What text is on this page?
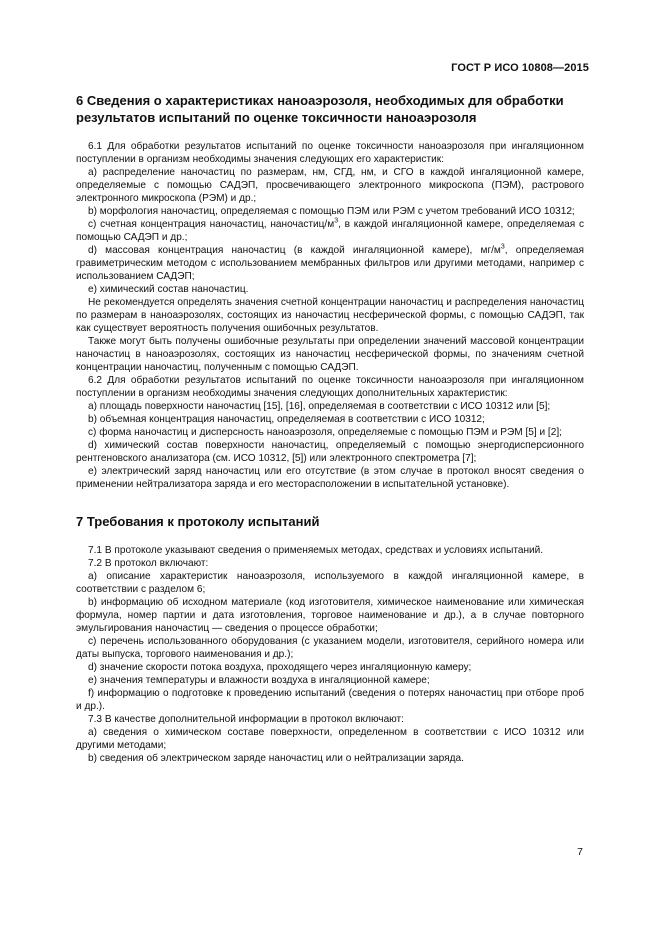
ГОСТ Р ИСО 10808—2015
6 Сведения о характеристиках наноаэрозоля, необходимых для обработки результатов испытаний по оценке токсичности наноаэрозоля

6.1 Для обработки результатов испытаний по оценке токсичности наноаэрозоля при ингаляционном поступлении в организм необходимы значения следующих его характеристик:

а) распределение наночастиц по размерам, нм, СГД, нм, и СГО в каждой ингаляционной камере, определяемые с помощью САДЭП, просвечивающего электронного микроскопа (ПЭМ), растрового электронного микроскопа (РЭМ) и др.;

b) морфология наночастиц, определяемая с помощью ПЭМ или РЭМ с учетом требований ИСО 10312;

с) счетная концентрация наночастиц, наночастиц/$м^3$, в каждой ингаляционной камере, определяемая с помощью САДЭП и др.;

d) массовая концентрация наночастиц (в каждой ингаляционной камере), $мг/м^3$, определяемая гравиметрическим методом с использованием мембранных фильтров или другими методами, например с использованием САДЭП;

е) химический состав наночастиц.

Не рекомендуется определять значения счетной концентрации наночастиц и распределения наночастиц по размерам в наноаэрозолях, состоящих из наночастиц несферической формы, с помощью САДЭП, так как существует вероятность получения ошибочных результатов.

Также могут быть получены ошибочные результаты при определении значений массовой концентрации наночастиц в наноаэрозолях, состоящих из наночастиц несферической формы, по значениям счетной концентрации наночастиц, полученным с помощью САДЭП.

6.2 Для обработки результатов испытаний по оценке токсичности наноаэрозоля при ингаляционном поступлении в организм необходимы значения следующих дополнительных характеристик:

а) площадь поверхности наночастиц [15], [16], определяемая в соответствии с ИСО 10312 или [5];

b) объемная концентрация наночастиц, определяемая в соответствии с ИСО 10312;

с) форма наночастиц и дисперсность наноаэрозоля, определяемые с помощью ПЭМ и РЭМ [5] и [2];

d) химический состав поверхности наночастиц, определяемый с помощью энергодисперсионного рентгеновского анализатора (см. ИСО 10312, [5]) или электронного спектрометра [7];

е) электрический заряд наночастиц или его отсутствие (в этом случае в протокол вносят сведения о применении нейтрализатора заряда и его месторасположении в испытательной установке).

7 Требования к протоколу испытаний

7.1 В протоколе указывают сведения о применяемых методах, средствах и условиях испытаний.

7.2 В протокол включают:

а) описание характеристик наноаэрозоля, используемого в каждой ингаляционной камере, в соответствии с разделом 6;

b) информацию об исходном материале (код изготовителя, химическое наименование или химическая формула, номер партии и дата изготовления, торговое наименование и др.), а в случае повторного эмульгирования наночастиц — сведения о процессе обработки;

с) перечень использованного оборудования (с указанием модели, изготовителя, серийного номера или даты выпуска, торгового наименования и др.);

d) значение скорости потока воздуха, проходящего через ингаляционную камеру;

е) значения температуры и влажности воздуха в ингаляционной камере;

f) информацию о подготовке к проведению испытаний (сведения о потерях наночастиц при отборе проб и др.).

7.3 В качестве дополнительной информации в протокол включают:

а) сведения о химическом составе поверхности, определенном в соответствии с ИСО 10312 или другими методами;

b) сведения об электрическом заряде наночастиц или о нейтрализации заряда.

7
